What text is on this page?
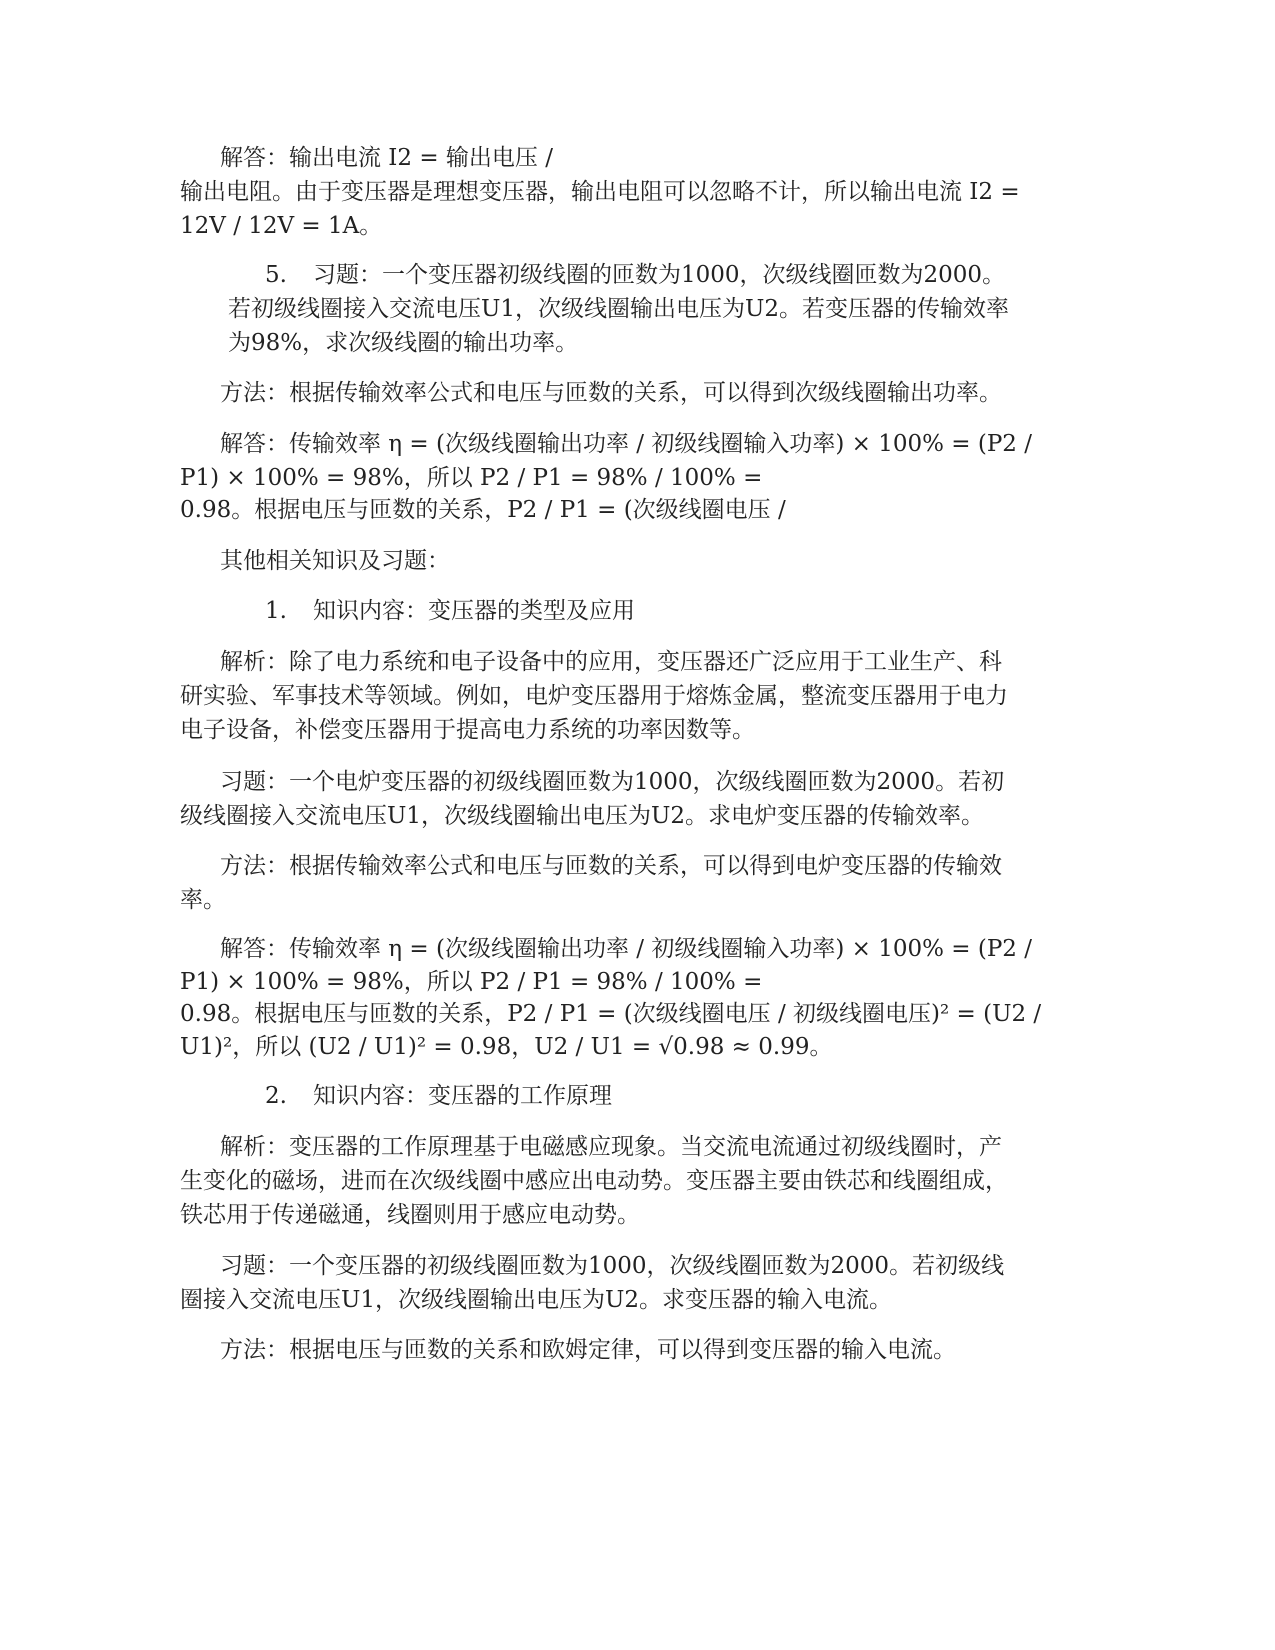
解答：输出电流 I2 = 输出电压 /
输出电阻。由于变压器是理想变压器，输出电阻可以忽略不计，所以输出电流 I2 =
12V / 12V = 1A。
5. 习题：一个变压器初级线圈的匝数为1000，次级线圈匝数为2000。
若初级线圈接入交流电压U1，次级线圈输出电压为U2。若变压器的传输效率
为98%，求次级线圈的输出功率。
方法：根据传输效率公式和电压与匝数的关系，可以得到次级线圈输出功率。
解答：传输效率 η = (次级线圈输出功率 / 初级线圈输入功率) × 100% = (P2 /
P1) × 100% = 98%，所以 P2 / P1 = 98% / 100% =
0.98。根据电压与匝数的关系，P2 / P1 = (次级线圈电压 /
其他相关知识及习题：
1. 知识内容：变压器的类型及应用
解析：除了电力系统和电子设备中的应用，变压器还广泛应用于工业生产、科
研实验、军事技术等领域。例如，电炉变压器用于熔炼金属，整流变压器用于电力
电子设备，补偿变压器用于提高电力系统的功率因数等。
习题：一个电炉变压器的初级线圈匝数为1000，次级线圈匝数为2000。若初
级线圈接入交流电压U1，次级线圈输出电压为U2。求电炉变压器的传输效率。
方法：根据传输效率公式和电压与匝数的关系，可以得到电炉变压器的传输效
率。
解答：传输效率 η = (次级线圈输出功率 / 初级线圈输入功率) × 100% = (P2 /
P1) × 100% = 98%，所以 P2 / P1 = 98% / 100% =
0.98。根据电压与匝数的关系，P2 / P1 = (次级线圈电压 / 初级线圈电压)² = (U2 /
U1)²，所以 (U2 / U1)² = 0.98，U2 / U1 = √0.98 ≈ 0.99。
2. 知识内容：变压器的工作原理
解析：变压器的工作原理基于电磁感应现象。当交流电流通过初级线圈时，产
生变化的磁场，进而在次级线圈中感应出电动势。变压器主要由铁芯和线圈组成，
铁芯用于传递磁通，线圈则用于感应电动势。
习题：一个变压器的初级线圈匝数为1000，次级线圈匝数为2000。若初级线
圈接入交流电压U1，次级线圈输出电压为U2。求变压器的输入电流。
方法：根据电压与匝数的关系和欧姆定律，可以得到变压器的输入电流。
